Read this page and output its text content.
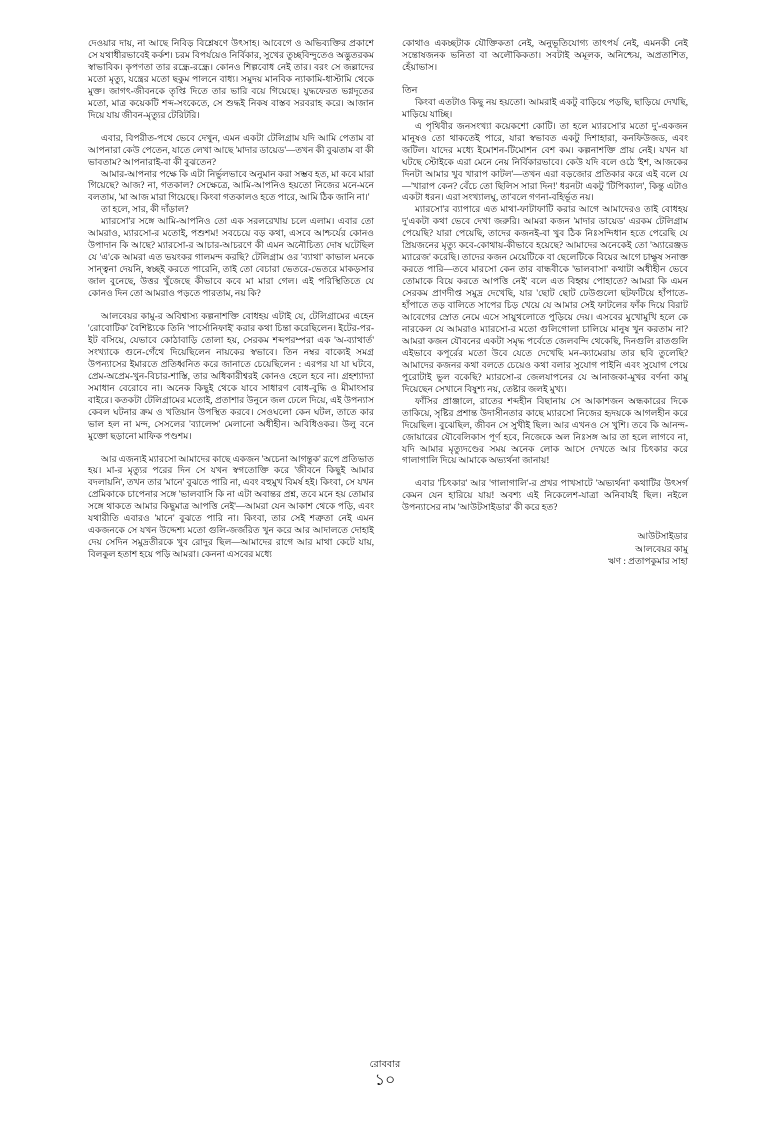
দেওয়ার দায়, না আছে নিবিড় বিশ্লেষণে উৎসাহ। আবেগে ও অভিব্যক্তির প্রকাশে সে যথাধীরভাবেই কর্কশ। চরম বিপর্যয়েও নির্বিকার, সুখের তুচ্ছবিন্দুতেও অদ্ভুতরকম স্বাভাবিক। কৃপণতা তার রন্ধ্রে-রন্ধ্রে। কোনও শিল্পবোধ নেই তার। বরং সে জল্লাদের মতো মৃত্যু, যন্ত্রের মতো ছকুম পালনে বাধ্য। সমুদয় মানবিক ন্যাকামি-ধাস্টামি থেকে মুক্ত। জাগৎ-জীবনকে তৃপ্তি দিতে তার ভারি বয়ে গিয়েছে। যুদ্ধফেরত ভগ্নদূতের মতো, মাত্র কয়েকটি শব্দ-সংকেতে, সে শুদ্ধই নিকষ বাস্তব সরবরাহ করে। আজান দিয়ে যায় জীবন-মৃত্যুর টেরিটরি।

এবার, বিপরীত-পথে ভেবে দেখুন, এমন একটা টেলিগ্রাম যদি আমি পেতাম বা আপনারা কেউ পেতেন, যাতে লেখা আছে 'মাদার ডায়েড'—তখন কী বুঝতাম বা কী ভাবতাম? আপনারাই-বা কী বুঝতেন?

আমার-আপনার পক্ষে কি এটা নির্ভুলভাবে অনুমান করা সম্ভব হত, মা কবে মারা গিয়েছে? আজ? না, গতকাল? সেক্ষেত্রে, আমি-আপনিও হয়তো নিজের মনে-মনে বলতাম, 'মা আজ মারা গিয়েছে। কিংবা গতকালও হতে পারে, আমি ঠিক জানি না।'

তা হলে, সার, কী দাঁড়াল?

ম্যারসো'র সঙ্গে আমি-আপনিও তো এক সরলরেখায় চলে এলাম। এবার তো আমরাও, ম্যারসো-র মতোই, পশুশম! সবচেয়ে বড় কথা, এসবে আশ্চর্যের কোনও উপাদান কি আছে? ম্যারসো-র আচার-আচরণে কী এমন অনৌচিত্য দোষ ঘটেছিল যে 'এ'কে আমরা এত ভয়ংকর গালমন্দ করছি? টেলিগ্রাম ওর 'ব্যাথা' কাভাল মনকে সান্ত্বনা দেয়নি, স্বচ্ছই করতে পারেনি, তাই তো বেচারা ভেতরে-ভেতরে মাকড়সার জাল বুনেছে, উত্তর খুঁজেছে কীভাবে কবে মা মারা গেল। এই পরিস্থিতিতে যে কোনও দিন তো আমরাও পড়তে পারতাম, নয় কি?

আলবেয়র কামু-র অবিশ্বাস্য কল্পনাশক্তি বোধহয় এটাই যে, টেলিগ্রামের এহেন 'রোবোটিক' বৈশিষ্ট্যকে তিনি 'পার্সোনিফাই' করার কথা চিন্তা করেছিলেন। ইটের-পর-ইট বসিয়ে, যেভাবে কোঠাবাড়ি তোলা হয়, সেরকম শব্দপরম্পরা এক 'অ-ব্যাথার্ত' সংখ্যাকে গুনে-গেঁথে দিয়েছিলেন নায়কের স্বভাবে। তিন নম্বর বাক্যেই সমগ্র উপন্যাসের ইমারতে প্রতিধ্বনিত করে জানাতে চেয়েছিলেন : এরপর যা যা ঘটবে, প্রেম-অপ্রেম-খুন-বিচার-শাস্তি, তার অধিকারীশ্বরই কোনও হেলে হবে না। গ্রহশ্যাদ্যা সমাধান বেরোবে না। অনেক কিছুই থেকে যাবে সাধারণ বোধ-বুদ্ধি ও মীমাংসার বাইরে। কতকটা টেলিগ্রামের মতোই, প্রতাশার উনুনে জল ঢেলে দিয়ে, এই উপন্যাস কেবল ঘটনার ক্রম ও খতিয়ান উপস্থিত করবে। সেওঘলো কেন ঘটল, তাতে কার ভাল হল না মন্দ, সেসলের 'ব্যালেন্স' মেলানো অধীহীন। অবিধিওকর। উলু বনে মুক্তো ছড়ানো মাফিক পণ্ডশম।

আর এজন্যই ম্যারসো আমাদের কাছে একজন 'অচেনা আগন্তুক' রূপে প্রতিভাত হয়। মা-র মৃত্যুর পরের দিন সে যখন স্বগতোক্তি করে 'জীবনে কিছুই আমার বদলায়নি', তখন তার 'মানে' বুঝতে পারি না, এবং বহুমুখ বিমর্ষ হই। কিংবা, সে যখন প্রেমিকাকে চাপেনার সঙ্গে 'ভালবাসি কি না এটা অবান্তর প্রশ্ন, তবে মনে হয় তোমার সঙ্গে থাকতে আমার কিছুমাত্র আপত্তি নেই'—আমরা যেন আকাশ থেকে পড়ি, এবং যথারীতি এবারও 'মানে' বুঝতে পারি না। কিংবা, তার সেই শত্রুতা নেই এমন একজনকে সে যখন উদ্দেশ্য মতো গুলি-জর্জরিত খুন করে আর আদালতে দোহাই দেয় সেদিন সমুদ্রতীরকে খুব রোদুর ছিল—আমাদের রাগে আর মাথা কেটে যায়, বিলকুল হতাশ হয়ে পড়ি আমরা। কেননা এসবের মধ্যে

কোথাও একচ্ছটাক যৌক্তিকতা নেই, অনুভূতিযোগ্য তাৎপর্য নেই, এমনকী নেই সন্তোষজনক ভনিতা বা অলৌকিকতা। সবটাই অমূলক, অনিশ্চেয়, অপ্রতাশিত, হেঁয়াভাস।

তিন

কিংবা এতটাও কিছু নয় হয়তো। আমরাই একটু বাড়িয়ে পড়ছি, ছাড়িয়ে দেখছি, মাড়িয়ে যাচ্ছি।

এ পৃথিবীর জনসংখ্যা কয়েকশো কোটি। তা হলে ম্যারসো'র মতো দু'-একজন মানুষও তো থাকতেই পারে, যারা স্বভাবত একটু দিশাহারা, কনফিউজড, এবং জটিল। যাদের মধ্যে ইমোশন-টিমোশন বেশ কম। কল্পনাশক্তি প্রায় নেই। যখন যা ঘটছে স্টোইকে এরা মেনে নেয় নির্বিকারভাবে। কেউ যদি বলে ওঠে 'ইশ, আজকের দিনটা আমার খুব খারাপ কাটল'—তখন এরা বড়জোর প্রতিকার করে এই বলে যে—'খারাপ কেন? বেঁচে তো ছিলিস সারা দিন!' ধরনটা একটু 'টিপিক্যাল', কিন্তু এটাও একটা ধরন। এরা সংখ্যালঘু, তা'বলে গণনা-বহির্ভূত নয়।

ম্যারসো'র ব্যাপারে এত মাথা-ফাটাফাটি করার আগে আমাদেরও তাই বোধহয় দু'একটা কথা ভেবে দেখা জরুরি। আমরা কজন 'মাদার ডায়েড' এরকম টেলিগ্রাম পেয়েছি? যারা পেয়েছি, তাদের কজনই-বা খুব ঠিক নিঃসন্দিধান হতে পেরেছি যে প্রিয়জনের মৃত্যু কবে-কোথায়-কীভাবে হয়েছে? আমাদের অনেকেই তো 'অ্যারেঞ্জড ম্যারেজ' করেছি। তাদের কজন মেয়েটিকে বা ছেলেটিকে বিয়ের আগে চাক্ষুষ সনাক্ত করতে পারি—তবে মারসো কেন তার বান্ধবীকে 'ভালবাসা' কথাটা অধীহীন ভেবে তোমাকে বিয়ে করতে আপত্তি নেই' বলে এত বিহ্বয় পোহাতে? আমরা কি এমন সেরকম প্রাণদীপ্ত সমুদ্র দেখেছি, যার 'ছোট ছোট ঢেউগুলো ছটফটিয়ে হাঁপাতে-হাঁপাতে তড় বালিতে সাপের চিড় খেয়ে যে আমার সেই ফাটলের ফাঁক দিয়ে বিরাট আবেগের স্রোত নেমে এসে সায়ুথলোতে পুড়িয়ে দেয়। এসবের মুখোমুখি হলে কে নারকেল যে আমরাও ম্যারসো-র মতো গুলিগোলা চালিয়ে মানুষ খুন করতাম না? আমরা কজন যৌবনের একটা সমৃদ্ধ পর্বেতে জেলবন্দি থেকেছি, দিনগুলি রাতগুলি এইভাবে কপূর্রের মতো উবে যেতে দেখেছি মন-ক্যামেরায় তার ছবি তুলেছি? আমাদের কজনর কথা বলতে চেয়েও কথা বলার সুযোগ পাইনি এবং সুযোগ পেয়ে পুরোটাই ভুল বকেছি? ম্যারসো-র জেলযাপনের যে আনাজকা-মুখর বর্ণনা কামু দিয়েছেন সেখানে বিষুশ্য নয়, তেষ্টার জলই মুখ্য।

ফাঁসির প্রাঞ্জালে, রাতের শব্দহীন বিছানায় সে আকাশজন অন্ধকারের দিকে তাকিয়ে, সৃষ্টির প্রশান্ত উদাসীনতার কাছে ম্যারসো নিজের হৃদয়কে আগলহীন করে দিয়েছিল। বুঝেছিল, জীবন সে সুখীই ছিল। আর এখনও সে খুশি। তবে কি আনন্দ-জোয়ারের যৌবেলিকাস পূর্ণ হবে, নিজেকে অল নিঃসঙ্গ আর তা হলে লাগবে না, যদি আমার মৃত্যুদণ্ডের সময় অনেক লোক আসে দেখতে আর চিৎকার করে গালাগালি দিয়ে আমাকে অভ্যর্থনা জানায়!

এবার 'চিৎকার' আর 'গালাগালি'-র প্রখর পাখসাটে 'অভ্যর্থনা' কথাটির উৎসর্গ কেমন যেন হারিয়ে যায়! অবশ্য এই নিকেলেশ-যাত্রা অনিবার্যই ছিল। নইলে উপন্যাসের নাম 'আউটসাইডার' কী করে হত?

আউটসাইডার
আলবেয়র কামু
ঋণ : প্রতাপকুমার সাহা
রোববার
১০
